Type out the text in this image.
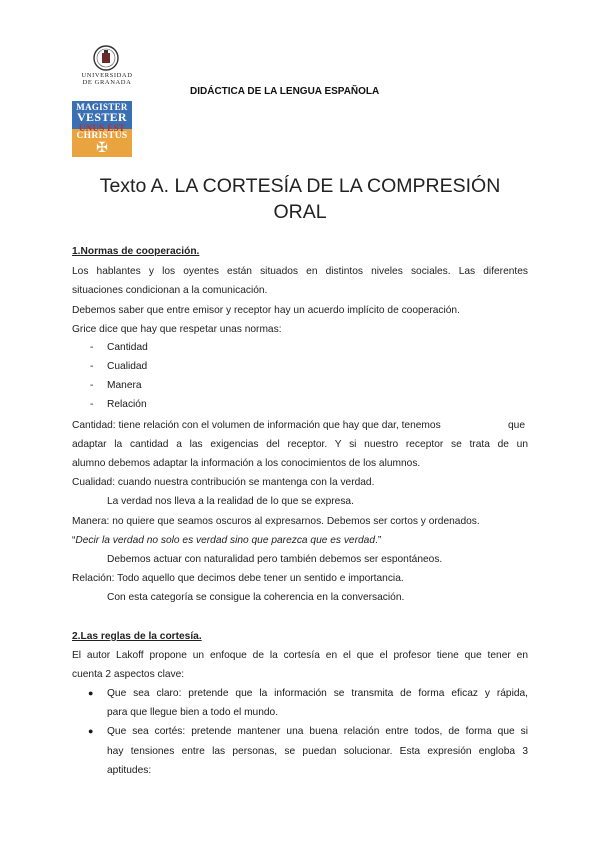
UNIVERSIDAD
DE GRANADA
DIDÁCTICA DE LA LENGUA ESPAÑOLA
MAGISTER
VESTER
UNUS EST
CHRISTUS
✠
Texto A. LA CORTESÍA DE LA COMPRESIÓN
ORAL
1.Normas de cooperación.
Los hablantes y los oyentes están situados en distintos niveles sociales. Las diferentes
situaciones condicionan a la comunicación.
Debemos saber que entre emisor y receptor hay un acuerdo implícito de cooperación.
Grice dice que hay que respetar unas normas:
- Cantidad
- Cualidad
- Manera
- Relación
Cantidad: tiene relación con el volumen de información que hay que dar, tenemos	que
adaptar la cantidad a las exigencias del receptor. Y si nuestro receptor se trata de un
alumno debemos adaptar la información a los conocimientos de los alumnos.
Cualidad: cuando nuestra contribución se mantenga con la verdad.
La verdad nos lleva a la realidad de lo que se expresa.
Manera: no quiere que seamos oscuros al expresarnos. Debemos ser cortos y ordenados.
“Decir la verdad no solo es verdad sino que parezca que es verdad.”
Debemos actuar con naturalidad pero también debemos ser espontáneos.
Relación: Todo aquello que decimos debe tener un sentido e importancia.
Con esta categoría se consigue la coherencia en la conversación.
2.Las reglas de la cortesía.
El autor Lakoff propone un enfoque de la cortesía en el que el profesor tiene que tener en
cuenta 2 aspectos clave:
● Que sea claro: pretende que la información se transmita de forma eficaz y rápida,
para que llegue bien a todo el mundo.
● Que sea cortés: pretende mantener una buena relación entre todos, de forma que si
hay tensiones entre las personas, se puedan solucionar. Esta expresión engloba 3
aptitudes:
